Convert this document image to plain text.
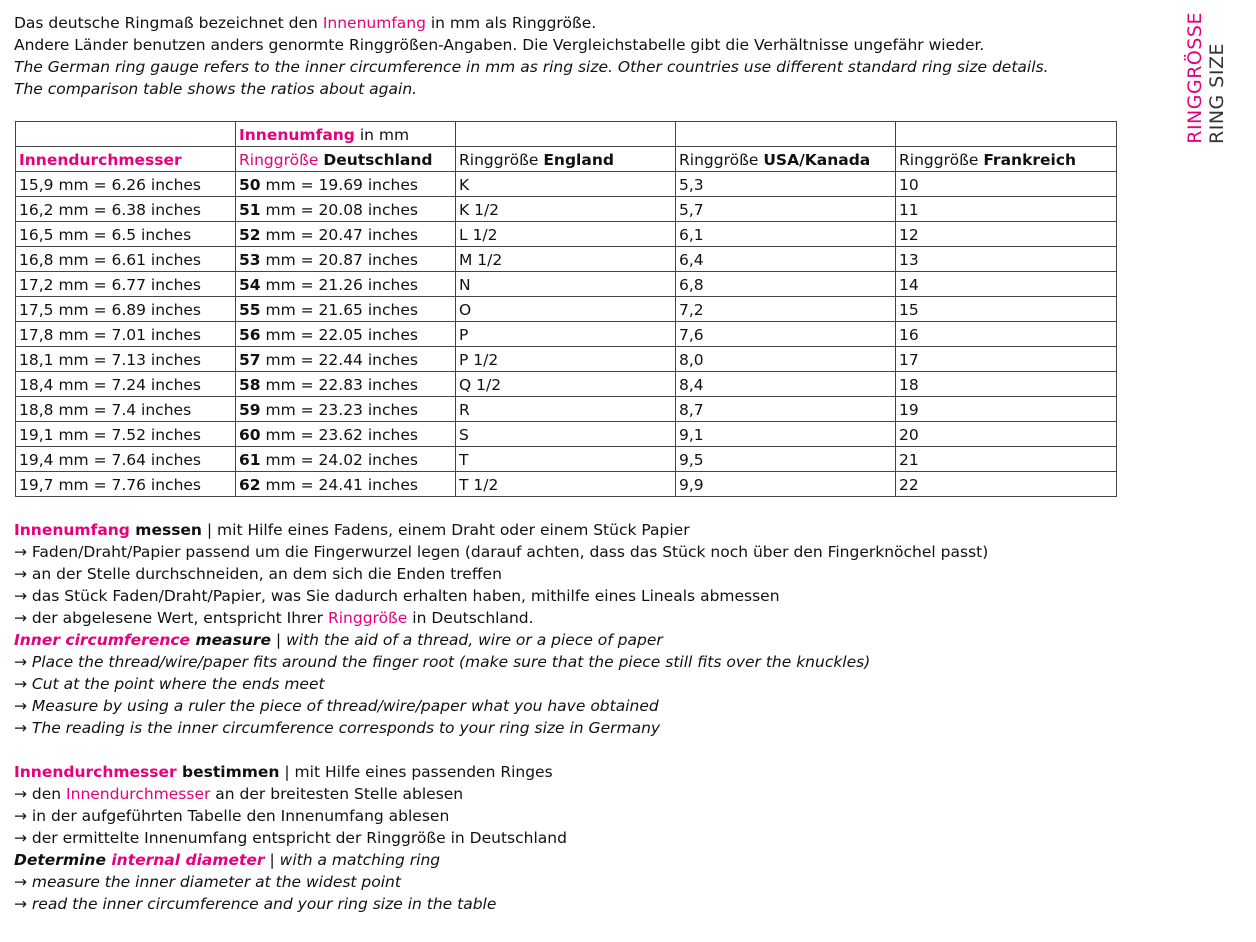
Das deutsche Ringmaß bezeichnet den Innenumfang in mm als Ringgröße.
Andere Länder benutzen anders genormte Ringgrößen-Angaben. Die Vergleichstabelle gibt die Verhältnisse ungefähr wieder.
The German ring gauge refers to the inner circumference in mm as ring size. Other countries use different standard ring size details.
The comparison table shows the ratios about again.	RINGGRÖSSE RING SIZE
	Innenumfang in mm			
Innendurchmesser	Ringgröße Deutschland	Ringgröße England	Ringgröße USA/Kanada	Ringgröße Frankreich
15,9 mm = 6.26 inches	50 mm = 19.69 inches	K	5,3	10
16,2 mm = 6.38 inches	51 mm = 20.08 inches	K 1/2	5,7	11
16,5 mm = 6.5 inches	52 mm = 20.47 inches	L 1/2	6,1	12
16,8 mm = 6.61 inches	53 mm = 20.87 inches	M 1/2	6,4	13
17,2 mm = 6.77 inches	54 mm = 21.26 inches	N	6,8	14
17,5 mm = 6.89 inches	55 mm = 21.65 inches	O	7,2	15
17,8 mm = 7.01 inches	56 mm = 22.05 inches	P	7,6	16
18,1 mm = 7.13 inches	57 mm = 22.44 inches	P 1/2	8,0	17
18,4 mm = 7.24 inches	58 mm = 22.83 inches	Q 1/2	8,4	18
18,8 mm = 7.4 inches	59 mm = 23.23 inches	R	8,7	19
19,1 mm = 7.52 inches	60 mm = 23.62 inches	S	9,1	20
19,4 mm = 7.64 inches	61 mm = 24.02 inches	T	9,5	21
19,7 mm = 7.76 inches	62 mm = 24.41 inches	T 1/2	9,9	22
Innenumfang messen | mit Hilfe eines Fadens, einem Draht oder einem Stück Papier
→ Faden/Draht/Papier passend um die Fingerwurzel legen (darauf achten, dass das Stück noch über den Fingerknöchel passt)
→ an der Stelle durchschneiden, an dem sich die Enden treffen
→ das Stück Faden/Draht/Papier, was Sie dadurch erhalten haben, mithilfe eines Lineals abmessen
→ der abgelesene Wert, entspricht Ihrer Ringgröße in Deutschland.
Inner circumference measure | with the aid of a thread, wire or a piece of paper
→ Place the thread/wire/paper fits around the finger root (make sure that the piece still fits over the knuckles)
→ Cut at the point where the ends meet
→ Measure by using a ruler the piece of thread/wire/paper what you have obtained
→ The reading is the inner circumference corresponds to your ring size in Germany
Innendurchmesser bestimmen | mit Hilfe eines passenden Ringes
→ den Innendurchmesser an der breitesten Stelle ablesen
→ in der aufgeführten Tabelle den Innenumfang ablesen
→ der ermittelte Innenumfang entspricht der Ringgröße in Deutschland
Determine internal diameter | with a matching ring
→ measure the inner diameter at the widest point
→ read the inner circumference and your ring size in the table
